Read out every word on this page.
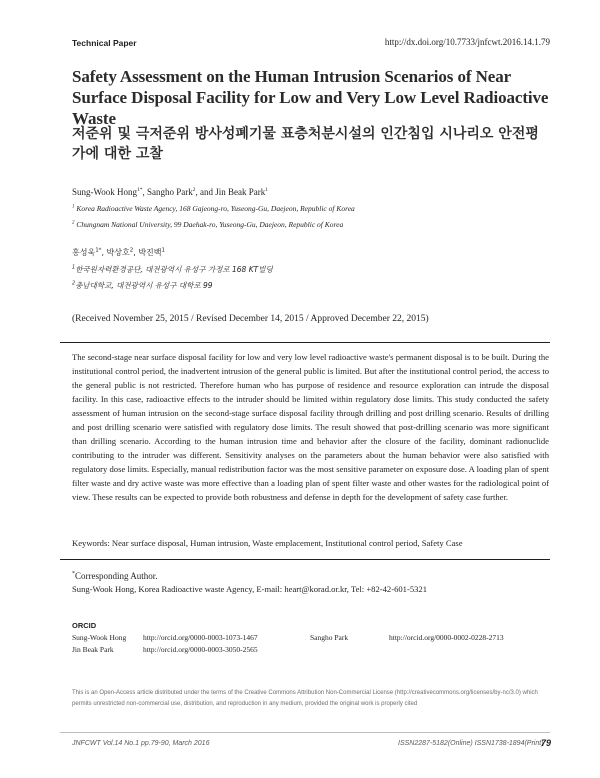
Technical Paper	http://dx.doi.org/10.7733/jnfcwt.2016.14.1.79
Safety Assessment on the Human Intrusion Scenarios of Near Surface Disposal Facility for Low and Very Low Level Radioactive Waste
저준위 및 극저준위 방사성폐기물 표층처분시설의 인간침입 시나리오 안전평가에 대한 고찰
Sung-Wook Hong$^{1*}$, Sangho Park$^2$, and Jin Beak Park$^1$
$^1$ Korea Radioactive Waste Agency, 168 Gajeong-ro, Yuseong-Gu, Daejeon, Republic of Korea
$^2$ Chungnam National University, 99 Daehak-ro, Yuseong-Gu, Daejeon, Republic of Korea
홍성욱$^{1*}$, 박상호$^2$, 박진백$^1$
$^1$한국원자력환경공단, 대전광역시 유성구 가정로 168 KT빌딩
$^2$충남대학교, 대전광역시 유성구 대학로 99
(Received November 25, 2015 / Revised December 14, 2015 / Approved December 22, 2015)
The second-stage near surface disposal facility for low and very low level radioactive waste's permanent disposal is to be built. During the institutional control period, the inadvertent intrusion of the general public is limited. But after the institutional control period, the access to the general public is not restricted. Therefore human who has purpose of residence and resource exploration can intrude the disposal facility. In this case, radioactive effects to the intruder should be limited within regulatory dose limits. This study conducted the safety assessment of human intrusion on the second-stage surface disposal facility through drilling and post drilling scenario. Results of drilling and post drilling scenario were satisfied with regulatory dose limits. The result showed that post-drilling scenario was more significant than drilling scenario. According to the human intrusion time and behavior after the closure of the facility, dominant radionuclide contributing to the intruder was different. Sensitivity analyses on the parameters about the human behavior were also satisfied with regulatory dose limits. Especially, manual redistribution factor was the most sensitive parameter on exposure dose. A loading plan of spent filter waste and dry active waste was more effective than a loading plan of spent filter waste and other wastes for the radiological point of view. These results can be expected to provide both robustness and defense in depth for the development of safety case further.
Keywords: Near surface disposal, Human intrusion, Waste emplacement, Institutional control period, Safety Case
*Corresponding Author.
Sung-Wook Hong, Korea Radioactive waste Agency, E-mail: heart@korad.or.kr, Tel: +82-42-601-5321
ORCID
Sung-Wook Hong http://orcid.org/0000-0003-1073-1467	Sangho Park	http://orcid.org/0000-0002-0228-2713
Jin Beak Park	http://orcid.org/0000-0003-3050-2565
This is an Open-Access article distributed under the terms of the Creative Commons Attribution Non-Commercial License (http://creativecommons.org/licenses/by-nc/3.0) which permits unrestricted non-commercial use, distribution, and reproduction in any medium, provided the original work is properly cited
JNFCWT Vol.14 No.1 pp.79-90, March 2016	ISSN2287-5182(Online) ISSN1738-1894(Print)
79
